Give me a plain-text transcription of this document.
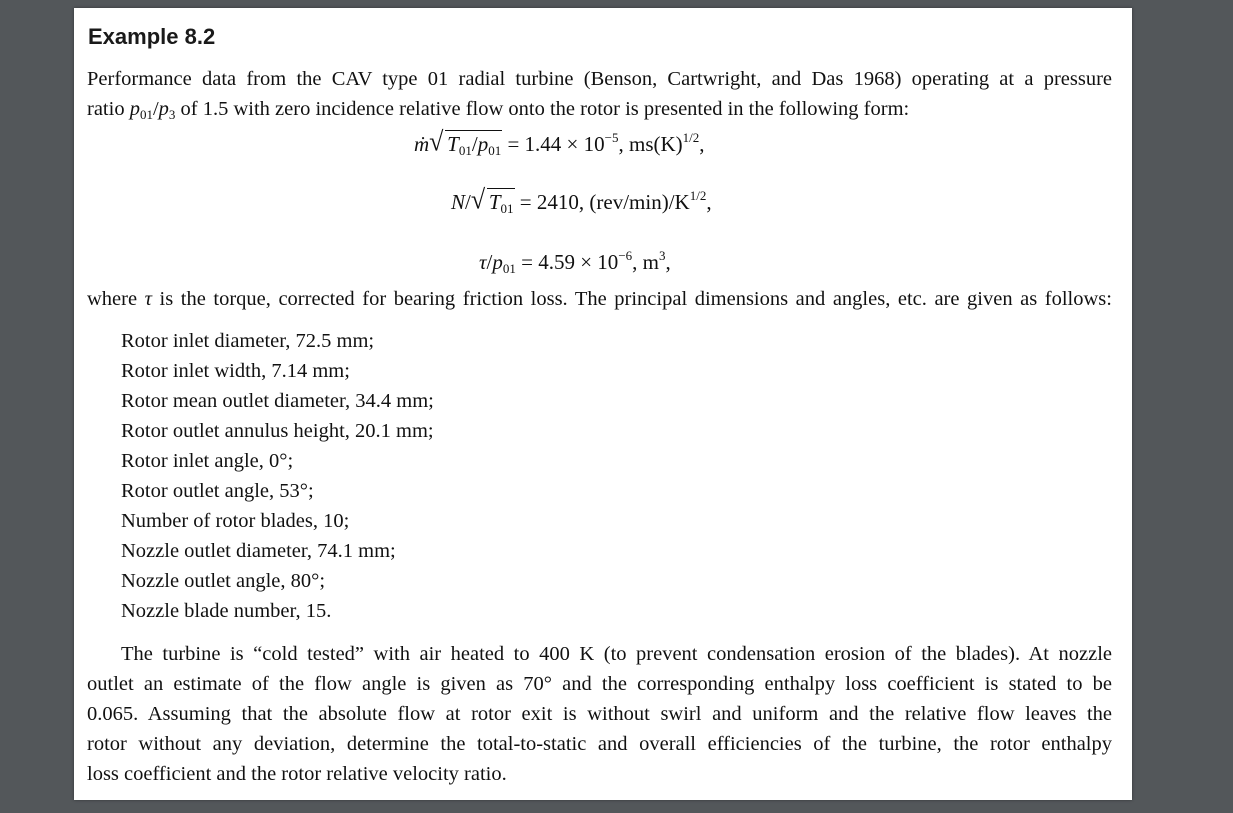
Example 8.2
Performance data from the CAV type 01 radial turbine (Benson, Cartwright, and Das 1968) operating at a pressure
ratio $p_{01}/p_3$ of 1.5 with zero incidence relative flow onto the rotor is presented in the following form:
ṁ √ $T_{01}/p_{01} = 1.44 \times 10^{-5}$, $ms(K)^{1/2}$,
N/ √ $T_{01} = 2410$, $(rev/\min)/K^{1/2}$,
$\tau/p_{01} = 4.59 \times 10^{-6}$, $m^3$,
where τ is the torque, corrected for bearing friction loss. The principal dimensions and angles, etc. are given as follows:
Rotor inlet diameter, 72.5 mm;
Rotor inlet width, 7.14 mm;
Rotor mean outlet diameter, 34.4 mm;
Rotor outlet annulus height, 20.1 mm;
Rotor inlet angle, 0°;
Rotor outlet angle, 53°;
Number of rotor blades, 10;
Nozzle outlet diameter, 74.1 mm;
Nozzle outlet angle, 80°;
Nozzle blade number, 15.
The turbine is “cold tested” with air heated to 400 K (to prevent condensation erosion of the blades). At nozzle
outlet an estimate of the flow angle is given as 70° and the corresponding enthalpy loss coefficient is stated to be
0.065. Assuming that the absolute flow at rotor exit is without swirl and uniform and the relative flow leaves the
rotor without any deviation, determine the total-to-static and overall efficiencies of the turbine, the rotor enthalpy
loss coefficient and the rotor relative velocity ratio.
